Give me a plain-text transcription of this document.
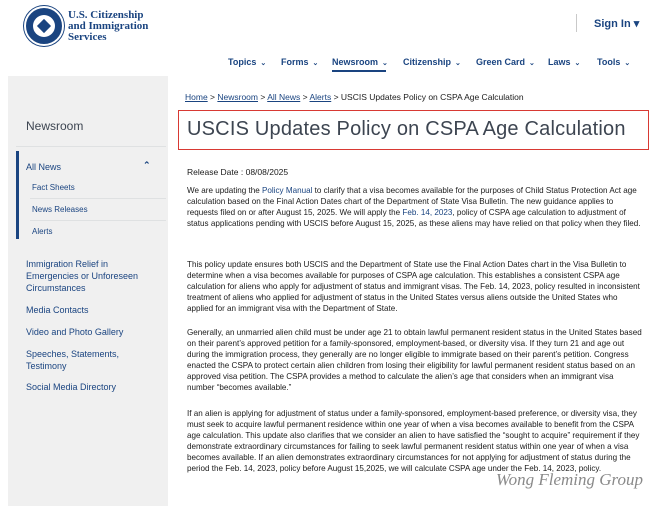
U.S. Citizenship
and Immigration
Services
Sign In ▾
Topics ⌄ Forms ⌄ Newsroom ⌄ Citizenship ⌄ Green Card ⌄ Laws ⌄ Tools ⌄
Newsroom
All News	⌃
Fact Sheets
News Releases
Alerts
Immigration Relief in Emergencies or Unforeseen Circumstances
Media Contacts
Video and Photo Gallery
Speeches, Statements, Testimony
Social Media Directory
Home > Newsroom > All News > Alerts > USCIS Updates Policy on CSPA Age Calculation
USCIS Updates Policy on CSPA Age Calculation
Release Date : 08/08/2025
We are updating the Policy Manual to clarify that a visa becomes available for the purposes of Child Status Protection Act age calculation based on the Final Action Dates chart of the Department of State Visa Bulletin. The new guidance applies to requests filed on or after August 15, 2025. We will apply the Feb. 14, 2023, policy of CSPA age calculation to adjustment of status applications pending with USCIS before August 15, 2025, as these aliens may have relied on that policy when they filed.
This policy update ensures both USCIS and the Department of State use the Final Action Dates chart in the Visa Bulletin to determine when a visa becomes available for purposes of CSPA age calculation. This establishes a consistent CSPA age calculation for aliens who apply for adjustment of status and immigrant visas. The Feb. 14, 2023, policy resulted in inconsistent treatment of aliens who applied for adjustment of status in the United States versus aliens outside the United States who applied for an immigrant visa with the Department of State.
Generally, an unmarried alien child must be under age 21 to obtain lawful permanent resident status in the United States based on their parent’s approved petition for a family-sponsored, employment-based, or diversity visa. If they turn 21 and age out during the immigration process, they generally are no longer eligible to immigrate based on their parent’s petition. Congress enacted the CSPA to protect certain alien children from losing their eligibility for lawful permanent resident status based on an approved visa petition. The CSPA provides a method to calculate the alien’s age that considers when an immigrant visa number “becomes available.”
If an alien is applying for adjustment of status under a family-sponsored, employment-based preference, or diversity visa, they must seek to acquire lawful permanent residence within one year of when a visa becomes available to benefit from the CSPA age calculation. This update also clarifies that we consider an alien to have satisfied the “sought to acquire” requirement if they demonstrate extraordinary circumstances for failing to seek lawful permanent resident status within one year of when a visa becomes available. If an alien demonstrates extraordinary circumstances for not applying for adjustment of status during the period the Feb. 14, 2023, policy before August 15,2025, we will calculate CSPA age under the Feb. 14, 2023, policy.
Wong Fleming Group
